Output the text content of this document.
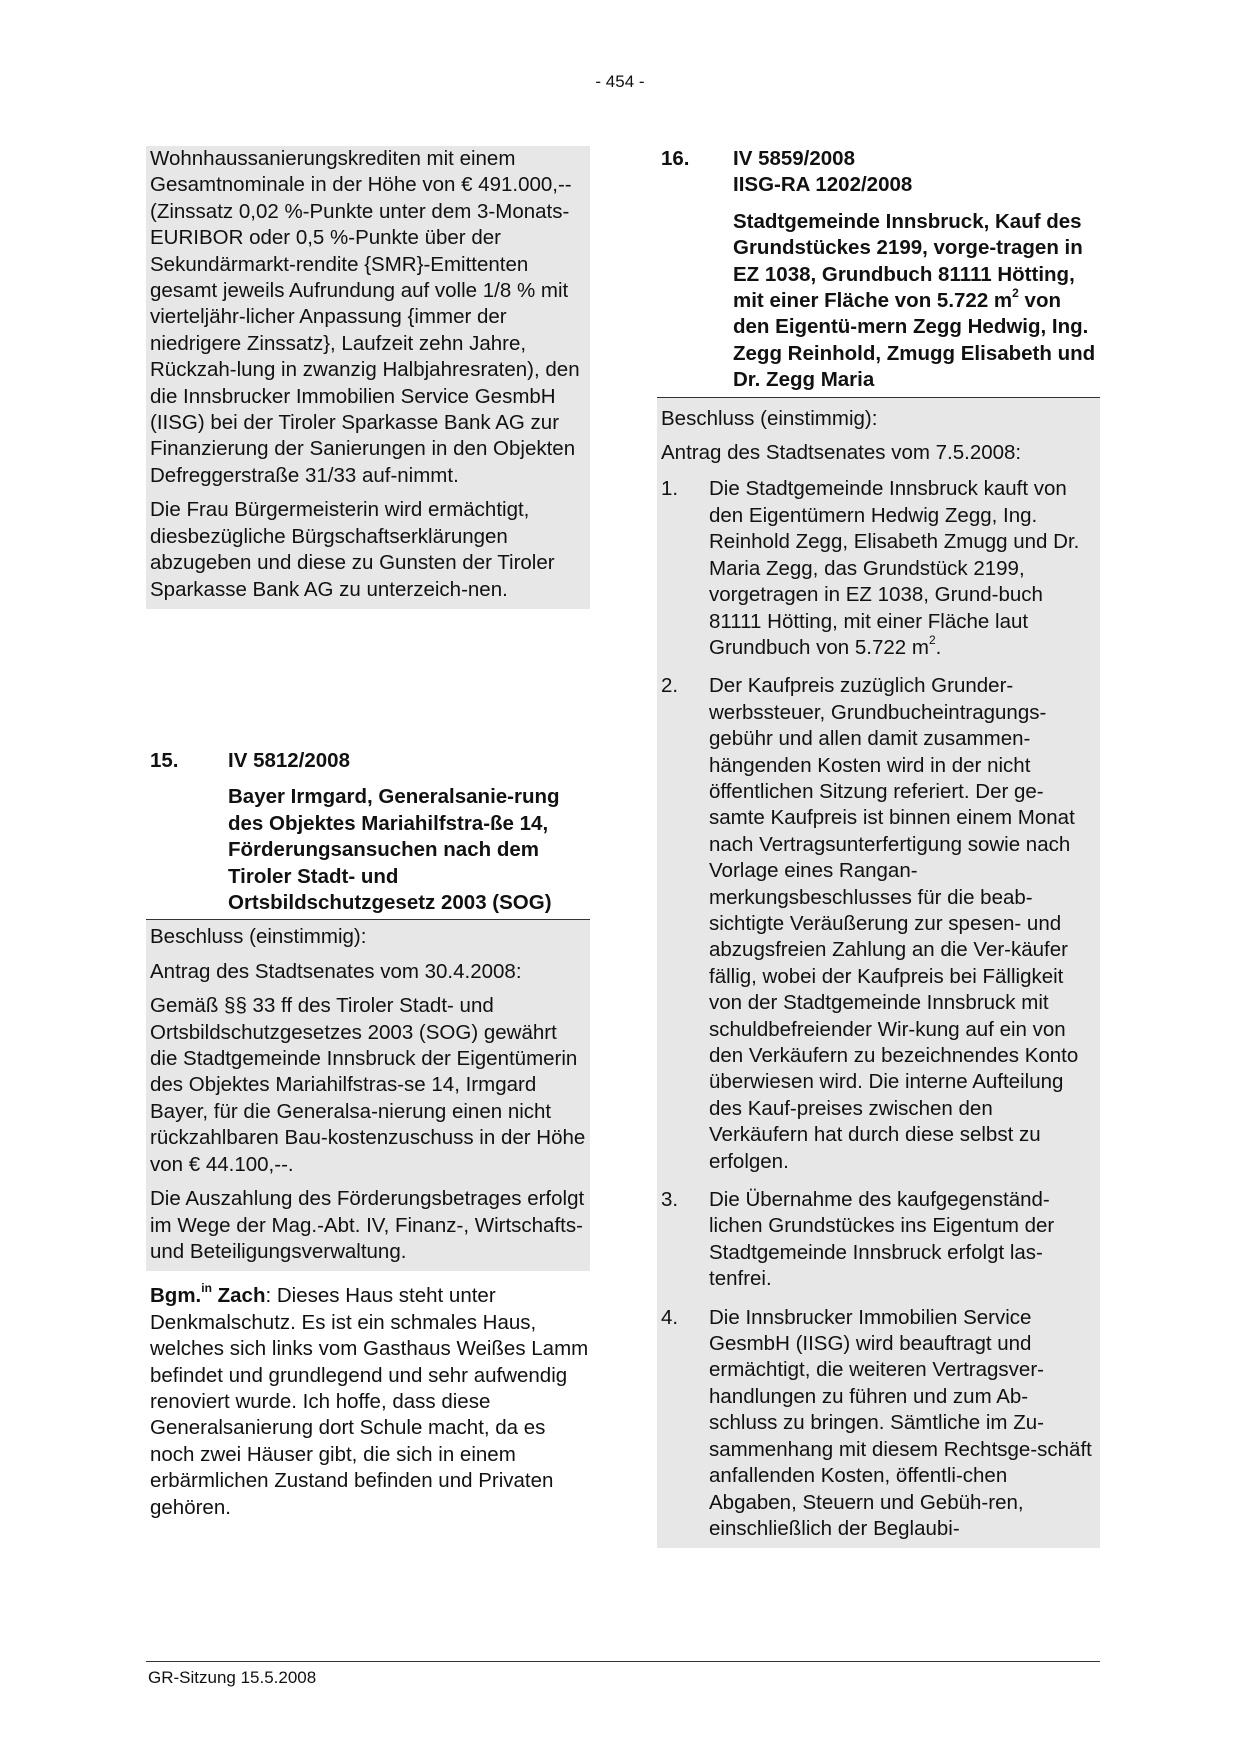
- 454 -

Wohnhaussanierungskrediten mit einem Gesamtnominale in der Höhe von € 491.000,-- (Zinssatz 0,02 %-Punkte unter dem 3-Monats-EURIBOR oder 0,5 %-Punkte über der Sekundärmarkt-rendite {SMR}-Emittenten gesamt jeweils Aufrundung auf volle 1/8 % mit vierteljähr-licher Anpassung {immer der niedrigere Zinssatz}, Laufzeit zehn Jahre, Rückzah-lung in zwanzig Halbjahresraten), den die Innsbrucker Immobilien Service GesmbH (IISG) bei der Tiroler Sparkasse Bank AG zur Finanzierung der Sanierungen in den Objekten Defreggerstraße 31/33 auf-nimmt.

Die Frau Bürgermeisterin wird ermächtigt, diesbezügliche Bürgschaftserklärungen abzugeben und diese zu Gunsten der Tiroler Sparkasse Bank AG zu unterzeich-nen.

15.	IV 5812/2008
Bayer Irmgard, Generalsanie-rung des Objektes Mariahilfstra-ße 14, Förderungsansuchen nach dem Tiroler Stadt- und Ortsbildschutzgesetz 2003 (SOG)

Beschluss (einstimmig):

Antrag des Stadtsenates vom 30.4.2008:

Gemäß §§ 33 ff des Tiroler Stadt- und Ortsbildschutzgesetzes 2003 (SOG) gewährt die Stadtgemeinde Innsbruck der Eigentümerin des Objektes Mariahilfstras-se 14, Irmgard Bayer, für die Generalsa-nierung einen nicht rückzahlbaren Bau-kostenzuschuss in der Höhe von € 44.100,--.

Die Auszahlung des Förderungsbetrages erfolgt im Wege der Mag.-Abt. IV, Finanz-, Wirtschafts- und Beteiligungsverwaltung.

Bgm.$^{in}$ Zach: Dieses Haus steht unter Denkmalschutz. Es ist ein schmales Haus, welches sich links vom Gasthaus Weißes Lamm befindet und grundlegend und sehr aufwendig renoviert wurde. Ich hoffe, dass diese Generalsanierung dort Schule macht, da es noch zwei Häuser gibt, die sich in einem erbärmlichen Zustand befinden und Privaten gehören.
16.	IV 5859/2008
IISG-RA 1202/2008
Stadtgemeinde Innsbruck, Kauf des Grundstückes 2199, vorge-tragen in EZ 1038, Grundbuch 81111 Hötting, mit einer Fläche von 5.722 $m^2$ von den Eigentü-mern Zegg Hedwig, Ing. Zegg Reinhold, Zmugg Elisabeth und Dr. Zegg Maria

Beschluss (einstimmig):

Antrag des Stadtsenates vom 7.5.2008:

1.	Die Stadtgemeinde Innsbruck kauft von den Eigentümern Hedwig Zegg, Ing. Reinhold Zegg, Elisabeth Zmugg und Dr. Maria Zegg, das Grundstück 2199, vorgetragen in EZ 1038, Grund-buch 81111 Hötting, mit einer Fläche laut Grundbuch von 5.722 $m^2$.
2.	Der Kaufpreis zuzüglich Grunder-werbssteuer, Grundbucheintragungs-gebühr und allen damit zusammen-hängenden Kosten wird in der nicht öffentlichen Sitzung referiert. Der ge-samte Kaufpreis ist binnen einem Monat nach Vertragsunterfertigung sowie nach Vorlage eines Rangan-merkungsbeschlusses für die beab-sichtigte Veräußerung zur spesen- und abzugsfreien Zahlung an die Ver-käufer fällig, wobei der Kaufpreis bei Fälligkeit von der Stadtgemeinde Innsbruck mit schuldbefreiender Wir-kung auf ein von den Verkäufern zu bezeichnendes Konto überwiesen wird. Die interne Aufteilung des Kauf-preises zwischen den Verkäufern hat durch diese selbst zu erfolgen.
3.	Die Übernahme des kaufgegenständ-lichen Grundstückes ins Eigentum der Stadtgemeinde Innsbruck erfolgt las-tenfrei.
4.	Die Innsbrucker Immobilien Service GesmbH (IISG) wird beauftragt und ermächtigt, die weiteren Vertragsver-handlungen zu führen und zum Ab-schluss zu bringen. Sämtliche im Zu-sammenhang mit diesem Rechtsge-schäft anfallenden Kosten, öffentli-chen Abgaben, Steuern und Gebüh-ren, einschließlich der Beglaubi-
GR-Sitzung 15.5.2008
